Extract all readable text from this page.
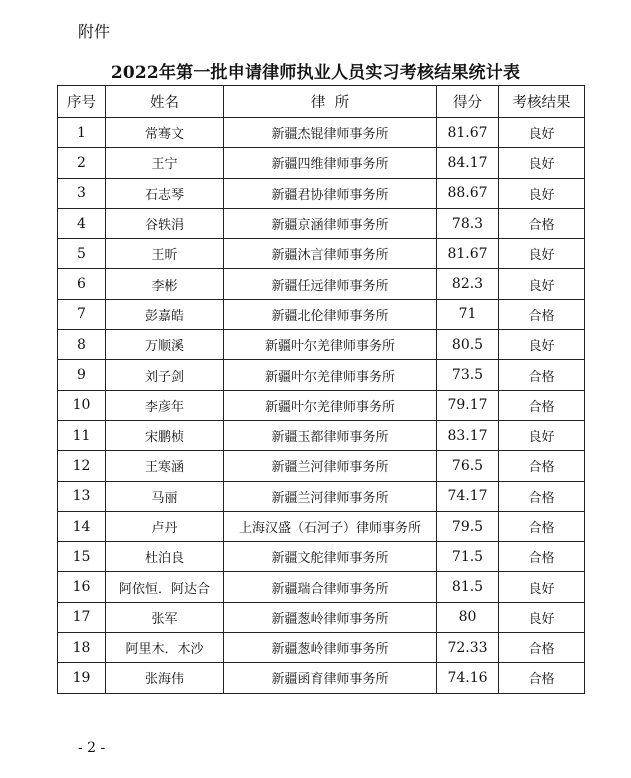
附件
2022年第一批申请律师执业人员实习考核结果统计表
序号	姓名	律  所	得分	考核结果
1	常骞文	新疆杰锟律师事务所	81.67	良好
2	王宁	新疆四维律师事务所	84.17	良好
3	石志琴	新疆君协律师事务所	88.67	良好
4	谷轶涓	新疆京涵律师事务所	78.3	合格
5	王昕	新疆沐言律师事务所	81.67	良好
6	李彬	新疆任远律师事务所	82.3	良好
7	彭嘉皓	新疆北伦律师事务所	71	合格
8	万顺溪	新疆叶尔羌律师事务所	80.5	良好
9	刘子剑	新疆叶尔羌律师事务所	73.5	合格
10	李彦年	新疆叶尔羌律师事务所	79.17	合格
11	宋鹏桢	新疆玉都律师事务所	83.17	良好
12	王寒涵	新疆兰河律师事务所	76.5	合格
13	马丽	新疆兰河律师事务所	74.17	合格
14	卢丹	上海汉盛（石河子）律师事务所	79.5	合格
15	杜泊良	新疆文舵律师事务所	71.5	合格
16	阿依恒．阿达合	新疆瑞合律师事务所	81.5	良好
17	张军	新疆葱岭律师事务所	80	良好
18	阿里木．木沙	新疆葱岭律师事务所	72.33	合格
19	张海伟	新疆函育律师事务所	74.16	合格
- 2 -
